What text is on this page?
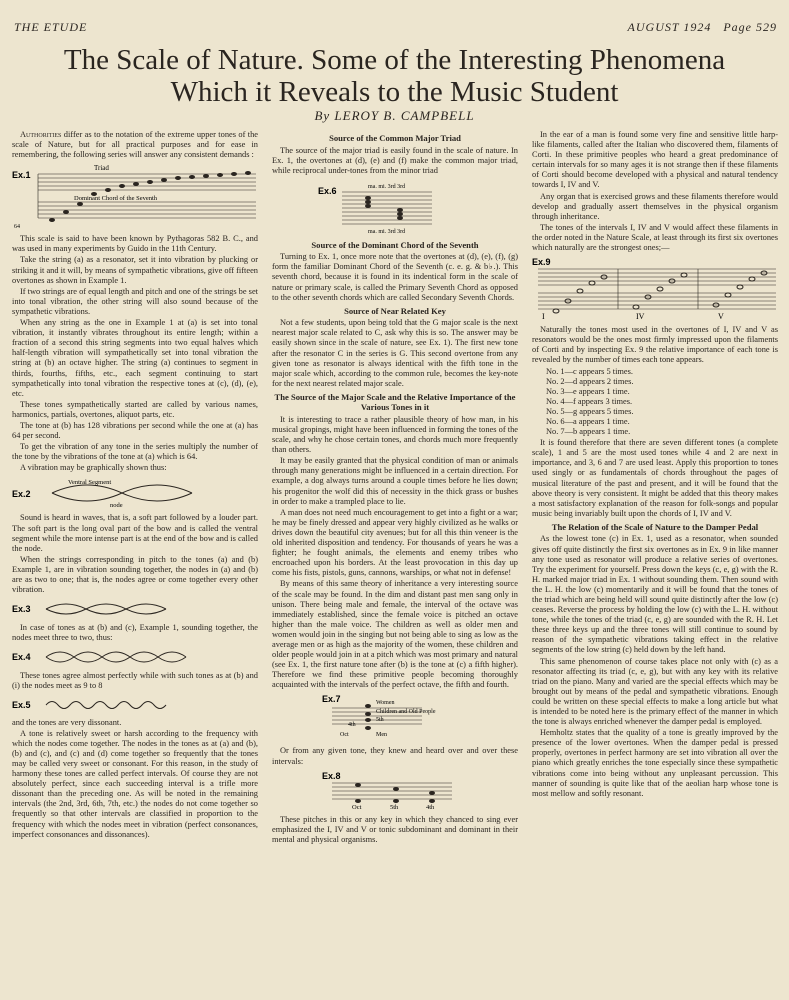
THE ETUDE	AUGUST 1924 Page 529
The Scale of Nature. Some of the Interesting Phenomena
Which it Reveals to the Music Student
By LEROY B. CAMPBELL

Authorities differ as to the notation of the extreme upper tones of the scale of Nature, but for all practical purposes and for ease in remembering, the following series will answer any consistent demands :

Ex.1
Triad
Dominant Chord of the Seventh
64

This scale is said to have been known by Pythagoras 582 B. C., and was used in many experiments by Guido in the 11th Century.

Take the string (a) as a resonator, set it into vibration by plucking or striking it and it will, by means of sympathetic vibrations, give off fifteen overtones as shown in Example 1.

If two strings are of equal length and pitch and one of the strings be set into tonal vibration, the other string will also sound because of the sympathetic vibrations.

When any string as the one in Example 1 at (a) is set into tonal vibration, it instantly vibrates throughout its entire length; within a fraction of a second this string segments into two equal halves which half-length vibration will sympathetically set into tonal vibration the string at (b) an octave higher. The string (a) continues to segment in thirds, fourths, fifths, etc., each segment continuing to start sympathetically into tonal vibration the respective tones at (c), (d), (e), etc.

These tones sympathetically started are called by various names, harmonics, partials, overtones, aliquot parts, etc.

The tone at (b) has 128 vibrations per second while the one at (a) has 64 per second.

To get the vibration of any tone in the series multiply the number of the tone by the vibrations of the tone at (a) which is 64.

A vibration may be graphically shown thus:

Ex.2
Ventral Segment
node

Sound is heard in waves, that is, a soft part followed by a louder part. The soft part is the long oval part of the bow and is called the ventral segment while the more intense part is at the end of the bow and is called the node.

When the strings corresponding in pitch to the tones (a) and (b) Example 1, are in vibration sounding together, the nodes in (a) and (b) are as two to one; that is, the nodes agree or come together every other vibration.

Ex.3

In case of tones as at (b) and (c), Example 1, sounding together, the nodes meet three to two, thus:

Ex.4

These tones agree almost perfectly while with such tones as at (b) and (i) the nodes meet as 9 to 8

Ex.5

and the tones are very dissonant.

A tone is relatively sweet or harsh according to the frequency with which the nodes come together. The nodes in the tones as at (a) and (b), (b) and (c), and (c) and (d) come together so frequently that the tones may be called very sweet or consonant. For this reason, in the study of harmony these tones are called perfect intervals. Of course they are not absolutely perfect, since each succeeding interval is a trifle more dissonant than the preceding one. As will be noted in the remaining intervals (the 2nd, 3rd, 6th, 7th, etc.) the nodes do not come together so frequently so that other intervals are classified in proportion to the frequency with which the nodes meet in vibration (perfect consonances, imperfect consonances and dissonances).

Source of the Common Major Triad

The source of the major triad is easily found in the scale of nature. In Ex. 1, the overtones at (d), (e) and (f) make the common major triad, while reciprocal under-tones from the minor triad

Ex.6	ma. mi. 3rd 3rd
ma. mi. 3rd 3rd
Source of the Dominant Chord of the Seventh

Turning to Ex. 1, once more note that the overtones at (d), (e), (f), (g) form the familiar Dominant Chord of the Seventh (c. e. g. & b♭.). This seventh chord, because it is found in its indentical form in the scale of nature or primary scale, is called the Primary Seventh Chord as opposed to the other seventh chords which are called Secondary Seventh Chords.

Source of Near Related Key

Not a few students, upon being told that the G major scale is the next nearest major scale related to C, ask why this is so. The answer may be easily shown since in the scale of nature, see Ex. 1). The first new tone after the resonator C in the series is G. This second overtone from any given tone as resonator is always identical with the fifth tone in the major scale which, according to the common rule, becomes the key-note for the next nearest related major scale.

The Source of the Major Scale and the Relative Importance of the Various Tones in it

It is interesting to trace a rather plausible theory of how man, in his musical gropings, might have been influenced in forming the tones of the scale, and why he chose certain tones, and chords much more frequently than others.

It may be easily granted that the physical condition of man or animals through many generations might be influenced in a certain direction. For example, a dog always turns around a couple times before he lies down; his progenitor the wolf did this of necessity in the thick grass or bushes in order to make a trampled place to lie.

A man does not need much encouragement to get into a fight or a war; he may be finely dressed and appear very highly civilized as he walks or drives down the beautiful city avenues; but for all this thin veneer is the old inherited disposition and tendency. For thousands of years he was a fighter; he fought animals, the elements and enemy tribes who encroached upon his borders. At the least provocation in this day up come his fists, pistols, guns, cannons, warships, or what not in defense!

By means of this same theory of inheritance a very interesting source of the scale may be found. In the dim and distant past men sang only in unison. There being male and female, the interval of the octave was immediately established, since the female voice is pitched an octave higher than the male voice. The children as well as older men and women would join in the singing but not being able to sing as low as the average men or as high as the majority of the women, these children and older people would join in at a pitch which was most primary and natural (see Ex. 1, the first nature tone after (b) is the tone at (c) a fifth higher). Therefore we find these primitive people becoming thoroughly acquainted with the intervals of the perfect octave, the fifth and fourth.

Ex.7	Women
Children and Old People
5th
4th
Oct	Men

Or from any given tone, they knew and heard over and over these intervals:

Ex.8
Oct	5th	4th

These pitches in this or any key in which they chanced to sing ever emphasized the I, IV and V or tonic subdominant and dominant in their mental and physical organisms.

In the ear of a man is found some very fine and sensitive little harp-like filaments, called after the Italian who discovered them, filaments of Corti. In these primitive peoples who heard a great predominance of certain intervals for so many ages it is not strange then if these filaments of Corti should become developed with a physical and natural tendency towards I, IV and V.

Any organ that is exercised grows and these filaments therefore would develop and gradually assert themselves in the physical organism through inheritance.

The tones of the intervals I, IV and V would affect these filaments in the order noted in the Nature Scale, at least through its first six overtones which naturally are the strongest ones;—

Ex.9
I	IV	V

Naturally the tones most used in the overtones of I, IV and V as resonators would be the ones most firmly impressed upon the filaments of Corti and by inspecting Ex. 9 the relative importance of each tone is revealed by the number of times each tone appears.

No. 1—c appears 5 times.
No. 2—d appears 2 times.
No. 3—e appears 1 time.
No. 4—f appears 3 times.
No. 5—g appears 5 times.
No. 6—a appears 1 time.
No. 7—b appears 1 time.

It is found therefore that there are seven different tones (a complete scale), 1 and 5 are the most used tones while 4 and 2 are next in importance, and 3, 6 and 7 are used least. Apply this proportion to tones used singly or as fundamentals of chords throughout the pages of musical literature of the past and present, and it will be found that the above theory is very consistent. It might be added that this theory makes a most satisfactory explanation of the reason for folk-songs and popular music being invariably built upon the chords of I, IV and V.

The Relation of the Scale of Nature to the Damper Pedal

As the lowest tone (c) in Ex. 1, used as a resonator, when sounded gives off quite distinctly the first six overtones as in Ex. 9 in like manner any tone used as resonator will produce a relative series of overtones. Try the experiment for yourself. Press down the keys (c, e, g) with the R. H. marked major triad in Ex. 1 without sounding them. Then sound with the L. H. the low (c) momentarily and it will be found that the tones of the triad which are being held will sound quite distinctly after the low (c) ceases. Reverse the process by holding the low (c) with the L. H. without tone, while the tones of the triad (c, e, g) are sounded with the R. H. Let these three keys up and the three tones will still continue to sound by reason of the sympathetic vibrations taking effect in the relative segments of the low string (c) held down by the left hand.

This same phenomenon of course takes place not only with (c) as a resonator affecting its triad (c, e, g), but with any key with its relative triad on the piano. Many and varied are the special effects which may be brought out by means of the pedal and sympathetic vibrations. Enough could be written on these special effects to make a long article but what is intended to be noted here is the primary effect of the manner in which the tone is always enriched whenever the damper pedal is employed.

Hemholtz states that the quality of a tone is greatly improved by the presence of the lower overtones. When the damper pedal is pressed properly, overtones in perfect harmony are set into vibration all over the piano which greatly enriches the tone especially since these sympathetic vibrations come into being without any unpleasant percussion. This manner of sounding is quite like that of the aeolian harp whose tone is most mellow and softly resonant.
